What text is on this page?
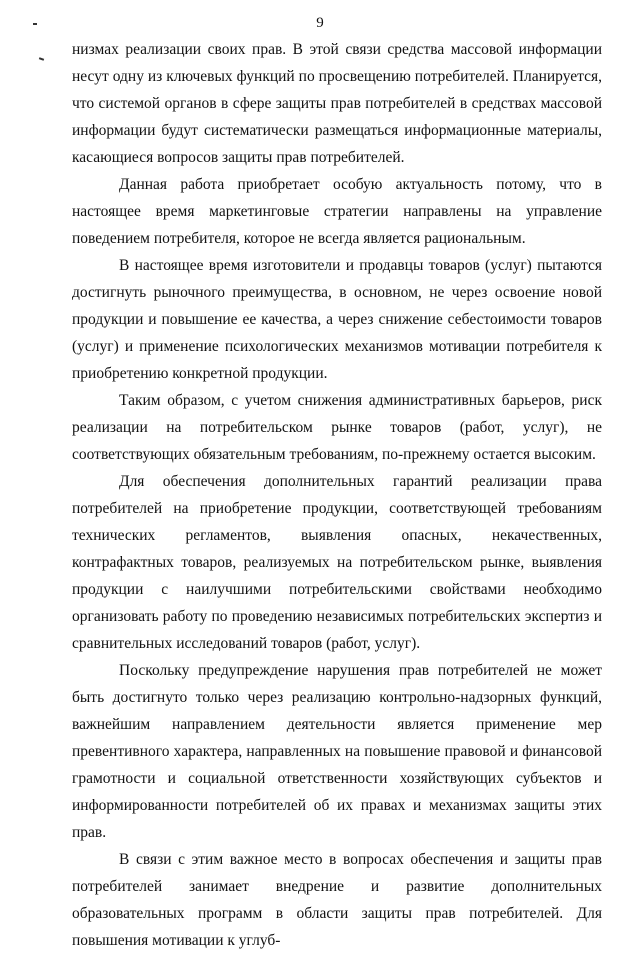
9

низмах реализации своих прав. В этой связи средства массовой информации несут одну из ключевых функций по просвещению потребителей. Планируется, что системой органов в сфере защиты прав потребителей в средствах массовой информации будут систематически размещаться информационные материалы, касающиеся вопросов защиты прав потребителей.

Данная работа приобретает особую актуальность потому, что в настоящее время маркетинговые стратегии направлены на управление поведением потребителя, которое не всегда является рациональным.

В настоящее время изготовители и продавцы товаров (услуг) пытаются достигнуть рыночного преимущества, в основном, не через освоение новой продукции и повышение ее качества, а через снижение себестоимости товаров (услуг) и применение психологических механизмов мотивации потребителя к приобретению конкретной продукции.

Таким образом, с учетом снижения административных барьеров, риск реализации на потребительском рынке товаров (работ, услуг), не соответствующих обязательным требованиям, по-прежнему остается высоким.

Для обеспечения дополнительных гарантий реализации права потребителей на приобретение продукции, соответствующей требованиям технических регламентов, выявления опасных, некачественных, контрафактных товаров, реализуемых на потребительском рынке, выявления продукции с наилучшими потребительскими свойствами необходимо организовать работу по проведению независимых потребительских экспертиз и сравнительных исследований товаров (работ, услуг).

Поскольку предупреждение нарушения прав потребителей не может быть достигнуто только через реализацию контрольно-надзорных функций, важнейшим направлением деятельности является применение мер превентивного характера, направленных на повышение правовой и финансовой грамотности и социальной ответственности хозяйствующих субъектов и информированности потребителей об их правах и механизмах защиты этих прав.

В связи с этим важное место в вопросах обеспечения и защиты прав потребителей занимает внедрение и развитие дополнительных образовательных программ в области защиты прав потребителей. Для повышения мотивации к углуб-
